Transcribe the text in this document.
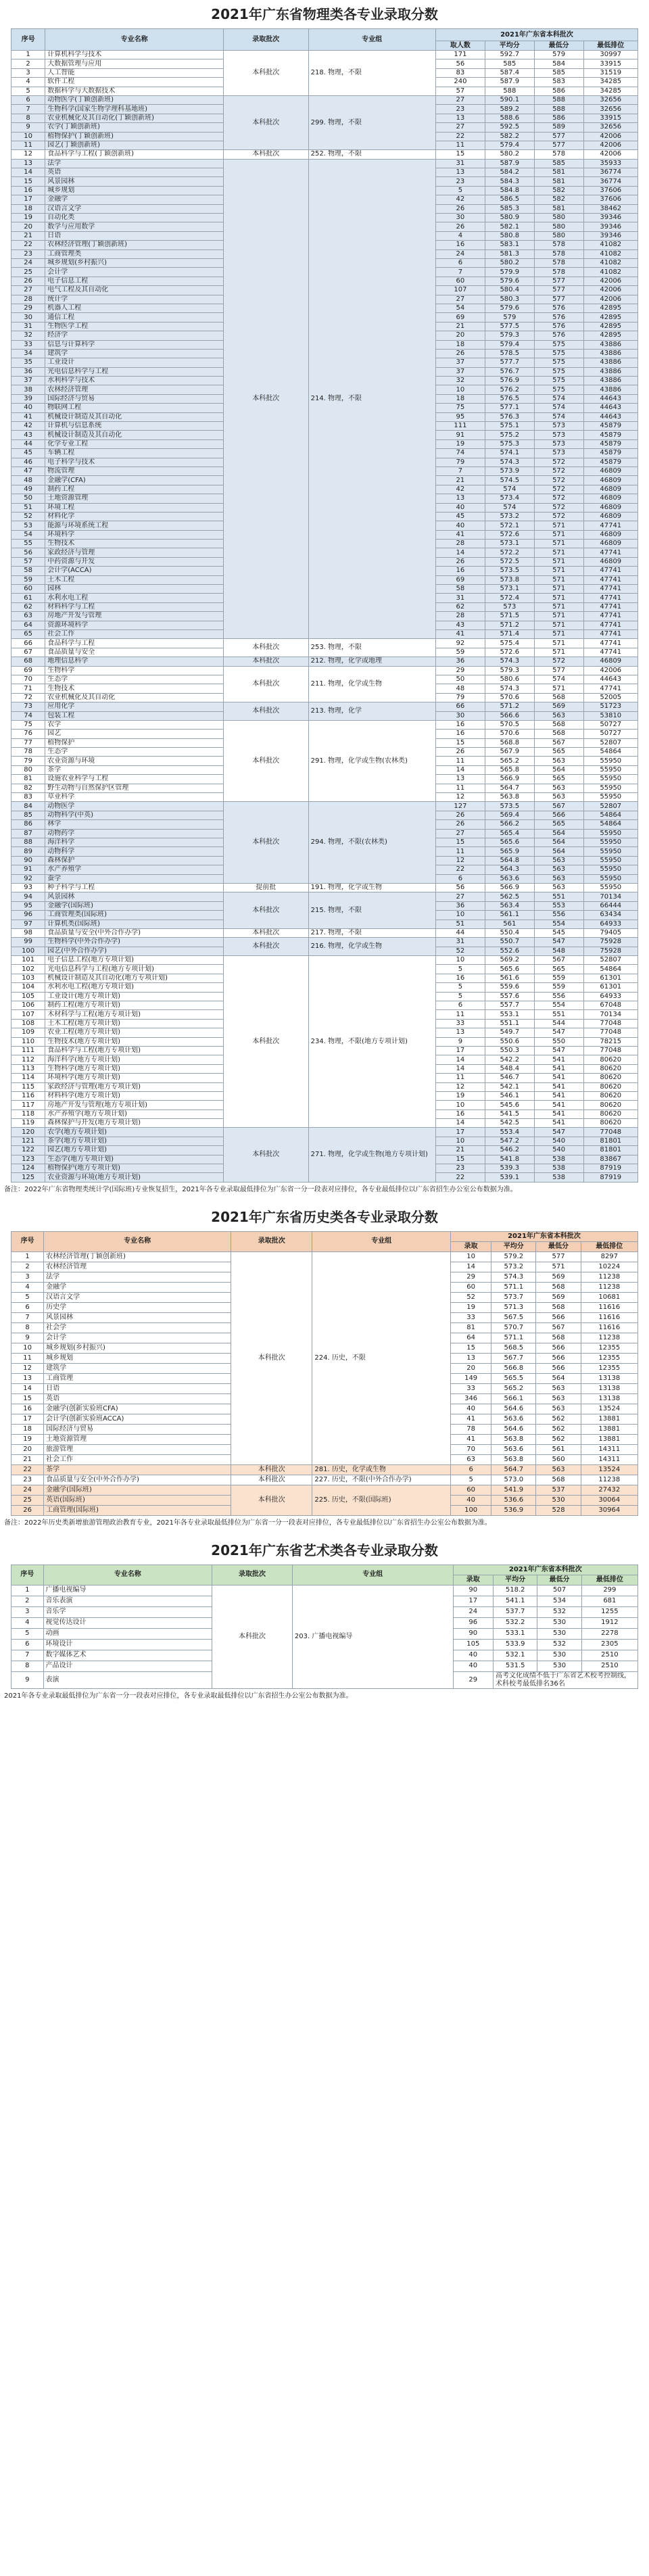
2021年广东省物理类各专业录取分数
序号	专业名称	录取批次	专业组	2021年广东省本科批次			
				取人数	平均分	最低分	最低排位
1	计算机科学与技术	本科批次	218. 物理，不限	171	592.7	579	30997
2	大数据管理与应用			56	585	584	33915
3	人工智能			83	587.4	585	31519
4	软件工程			240	587.9	583	34285
5	数据科学与大数据技术			57	588	586	34285
6	动物医学(丁颖创新班)	本科批次	299. 物理，不限	27	590.1	588	32656
7	生物科学(国家生物学理科基地班)			23	589.2	588	32656
8	农业机械化及其自动化(丁颖创新班)			13	588.6	586	33915
9	农学(丁颖创新班)			27	592.5	589	32656
10	植物保护(丁颖创新班)			22	582.2	577	42006
11	园艺(丁颖创新班)			11	579.4	577	42006
12	食品科学与工程(丁颖创新班)	本科批次	252. 物理，不限	15	580.2	578	42006
13	法学	本科批次	214. 物理，不限	31	587.9	585	35933
14	英语			13	584.2	581	36774
15	风景园林			23	584.3	581	36774
16	城乡规划			5	584.8	582	37606
17	金融学			42	586.5	582	37606
18	汉语言文学			26	585.3	581	38462
19	自动化类			30	580.9	580	39346
20	数学与应用数学			26	582.1	580	39346
21	日语			4	580.8	580	39346
22	农林经济管理(丁颖创新班)			16	583.1	578	41082
23	工商管理类			24	581.3	578	41082
24	城乡规划(乡村振兴)			6	580.2	578	41082
25	会计学			7	579.9	578	41082
26	电子信息工程			60	579.6	577	42006
27	电气工程及其自动化			107	580.4	577	42006
28	统计学			27	580.3	577	42006
29	机器人工程			54	579.6	576	42895
30	通信工程			69	579	576	42895
31	生物医学工程			21	577.5	576	42895
32	经济学			20	579.3	576	42895
33	信息与计算科学			18	579.4	575	43886
34	建筑学			26	578.5	575	43886
35	工业设计			37	577.7	575	43886
36	光电信息科学与工程			37	576.7	575	43886
37	水利科学与技术			32	576.9	575	43886
38	农林经济管理			10	576.2	575	43886
39	国际经济与贸易			18	576.5	574	44643
40	物联网工程			75	577.1	574	44643
41	机械设计制造及其自动化			95	576.3	574	44643
42	计算机与信息系统			111	575.1	573	45879
43	机械设计制造及其自动化			91	575.2	573	45879
44	化学专业工程			19	575.3	573	45879
45	车辆工程			74	574.1	573	45879
46	电子科学与技术			79	574.3	572	45879
47	物流管理			7	573.9	572	46809
48	金融学(CFA)			21	574.5	572	46809
49	制药工程			42	574	572	46809
50	土地资源管理			13	573.4	572	46809
51	环境工程			40	574	572	46809
52	材料化学			45	573.2	572	46809
53	能源与环境系统工程			40	572.1	571	47741
54	环境科学			41	572.6	571	46809
55	生物技术			28	573.1	571	46809
56	家政经济与管理			14	572.2	571	47741
57	中药资源与开发			26	572.5	571	46809
58	会计学(ACCA)			16	573.5	571	47741
59	土木工程			69	573.8	571	47741
60	园林			58	573.1	571	47741
61	水利水电工程			31	572.4	571	47741
62	材料科学与工程			62	573	571	47741
63	房地产开发与管理			28	571.5	571	47741
64	资源环境科学			43	571.2	571	47741
65	社会工作			41	571.4	571	47741
66	食品科学与工程	本科批次	253. 物理，不限	92	575.4	571	47741
67	食品质量与安全			59	572.6	571	47741
68	地理信息科学	本科批次	212. 物理，化学或地理	36	574.3	572	46809
69	生物科学	本科批次	211. 物理，化学或生物	29	579.3	577	42006
70	生态学			50	580.6	574	44643
71	生物技术			48	574.3	571	47741
72	农业机械化及其自动化			79	570.6	568	52005
73	应用化学	本科批次	213. 物理，化学	66	571.2	569	51723
74	包装工程			30	566.6	563	53810
75	农学	本科批次	291. 物理，化学或生物(农林类)	16	570.5	568	50727
76	园艺			16	570.6	568	50727
77	植物保护			15	568.8	567	52807
78	生态学			26	567.9	565	54864
79	农业资源与环境			11	565.2	563	55950
80	茶学			14	565.8	564	55950
81	设施农业科学与工程			13	566.9	565	55950
82	野生动物与自然保护区管理			11	564.7	563	55950
83	草业科学			12	563.8	563	55950
84	动物医学	本科批次	294. 物理，不限(农林类)	127	573.5	567	52807
85	动物科学(中英)			26	569.4	566	54864
86	林学			26	566.2	565	54864
87	动物药学			27	565.4	564	55950
88	海洋科学			15	565.6	564	55950
89	动物科学			11	565.9	564	55950
90	森林保护			12	564.8	563	55950
91	水产养殖学			22	564.3	563	55950
92	蚕学			6	563.6	563	55950
93	种子科学与工程	提前批	191. 物理，化学或生物	56	566.9	563	55950
94	风景园林	本科批次	215. 物理，不限	27	562.5	551	70134
95	金融学(国际班)			36	563.4	553	66444
96	工商管理类(国际班)			10	561.1	556	63434
97	计算机类(国际班)			51	561	554	64933
98	食品质量与安全(中外合作办学)	本科批次	217. 物理，不限	44	550.4	545	79405
99	生物科学(中外合作办学)	本科批次	216. 物理，化学或生物	31	550.7	547	75928
100	园艺(中外合作办学)			52	552.6	548	75928
101	电子信息工程(地方专项计划)	本科批次	234. 物理，不限(地方专项计划)	10	569.2	567	52807
102	光电信息科学与工程(地方专项计划)			5	565.6	565	54864
103	机械设计制造及其自动化(地方专项计划)			16	561.6	559	61301
104	水利水电工程(地方专项计划)			5	559.6	559	61301
105	工业设计(地方专项计划)			5	557.6	556	64933
106	制药工程(地方专项计划)			6	557.7	554	67048
107	木材科学与工程(地方专项计划)			11	553.1	551	70134
108	土木工程(地方专项计划)			33	551.1	544	77048
109	农业工程(地方专项计划)			13	549.7	547	77048
110	生物技术(地方专项计划)			9	550.6	550	78215
111	食品科学与工程(地方专项计划)			17	550.3	547	77048
112	海洋科学(地方专项计划)			14	542.2	541	80620
113	生物科学(地方专项计划)			14	548.4	541	80620
114	环境科学(地方专项计划)			11	546.7	541	80620
115	家政经济与管理(地方专项计划)			12	542.1	541	80620
116	材料科学(地方专项计划)			19	546.1	541	80620
117	房地产开发与管理(地方专项计划)			10	545.6	541	80620
118	水产养殖学(地方专项计划)			16	541.5	541	80620
119	森林保护与开发(地方专项计划)			14	542.5	541	80620
120	农学(地方专项计划)	本科批次	271. 物理，化学或生物(地方专项计划)	17	553.4	547	77048
121	茶学(地方专项计划)			10	547.2	540	81801
122	园艺(地方专项计划)			21	546.2	540	81801
123	生态学(地方专项计划)			15	541.8	538	83867
124	植物保护(地方专项计划)			23	539.3	538	87919
125	农业资源与环境(地方专项计划)			22	539.1	538	87919
备注：2022年广东省物理类统计学(国际班)专业恢复招生，2021年各专业录取最低排位为广东省一分一段表对应排位，各专业最低排位以广东省招生办公室公布数据为准。
2021年广东省历史类各专业录取分数
序号	专业名称	录取批次	专业组	2021年广东省本科批次			
				录取	平均分	最低分	最低排位
1	农林经济管理(丁颖创新班)	本科批次	224. 历史，不限	10	579.2	577	8297
2	农林经济管理			14	573.2	571	10224
3	法学			29	574.3	569	11238
4	金融学			60	571.1	568	11238
5	汉语言文学			52	573.7	569	10681
6	历史学			19	571.3	568	11616
7	风景园林			33	567.5	566	11616
8	社会学			81	570.7	567	11616
9	会计学			64	571.1	568	11238
10	城乡规划(乡村振兴)			15	568.5	566	12355
11	城乡规划			13	567.7	566	12355
12	建筑学			20	566.8	566	12355
13	工商管理			149	565.5	564	13138
14	日语			33	565.2	563	13138
15	英语			346	566.1	563	13138
16	金融学(创新实验班CFA)			40	564.6	563	13524
17	会计学(创新实验班ACCA)			41	563.6	562	13881
18	国际经济与贸易			78	564.6	562	13881
19	土地资源管理			41	563.8	562	13881
20	旅游管理			70	563.6	561	14311
21	社会工作			63	563.8	560	14311
22	茶学	本科批次	281. 历史，化学或生物	6	564.7	563	13524
23	食品质量与安全(中外合作办学)	本科批次	227. 历史，不限(中外合作办学)	5	573.0	568	11238
24	金融学(国际班)	本科批次	225. 历史，不限(国际班)	60	541.9	537	27432
25	英语(国际班)			40	536.6	530	30064
26	工商管理(国际班)			100	536.9	528	30964
备注：2022年历史类新增旅游管理政治教育专业，2021年各专业录取最低排位为广东省一分一段表对应排位，各专业最低排位以广东省招生办公室公布数据为准。
2021年广东省艺术类各专业录取分数
序号	专业名称	录取批次	专业组	2021年广东省本科批次			
				录取	平均分	最低分	最低排位
1	广播电视编导	本科批次	203. 广播电视编导	90	518.2	507	299
2	音乐表演			17	541.1	534	681
3	音乐学			24	537.7	532	1255
4	视觉传达设计			96	532.2	530	1912
5	动画			90	533.1	530	2278
6	环境设计			105	533.9	532	2305
7	数字媒体艺术			40	532.1	530	2510
8	产品设计			40	531.5	530	2510
9	表演			29	高考文化成绩不低于广东省艺术校考控制线，术科校考最低排名36名		
2021年各专业录取最低排位为广东省一分一段表对应排位，各专业录取最低排位以广东省招生办公室公布数据为准。
